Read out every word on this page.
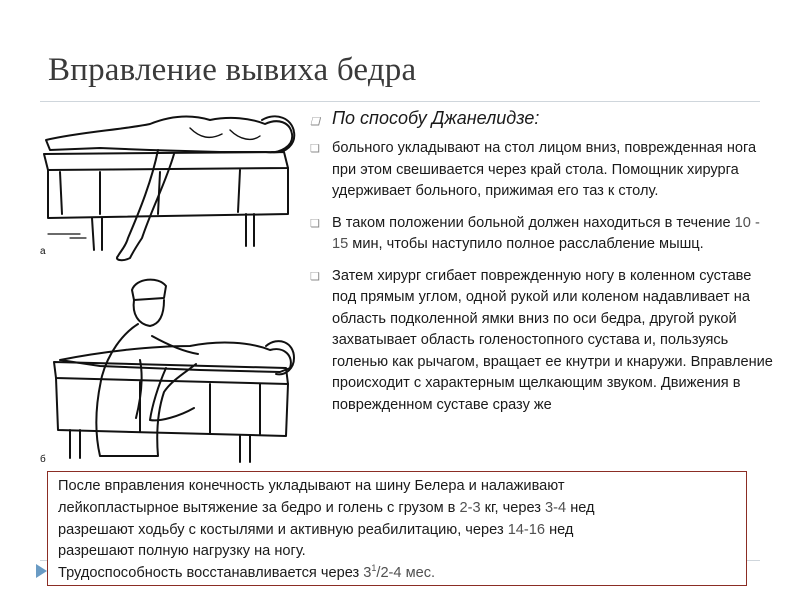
Вправление вывиха бедра
а
б
❏ По способу Джанелидзе:
❏ больного укладывают на стол лицом вниз, поврежденная нога при этом свешивается через край стола. Помощник хирурга удерживает больного, прижимая его таз к столу.
❏ В таком положении больной должен находиться в течение 10 - 15 мин, чтобы наступило полное расслабление мышц.
❏ Затем хирург сгибает поврежденную ногу в коленном суставе под прямым углом, одной рукой или коленом надавливает на область подколенной ямки вниз по оси бедра, другой рукой захватывает область голеностопного сустава и, пользуясь голенью как рычагом, вращает ее кнутри и кнаружи. Вправление происходит с характерным щелкающим звуком. Движения в поврежденном суставе сразу же
После вправления конечность укладывают на шину Белера и налаживают
лейкопластырное вытяжение за бедро и голень с грузом в 2-3 кг, через 3-4 нед
разрешают ходьбу с костылями и активную реабилитацию, через 14-16 нед
разрешают полную нагрузку на ногу.
Трудоспособность восстанавливается через $3^1/2-4$ мес.
